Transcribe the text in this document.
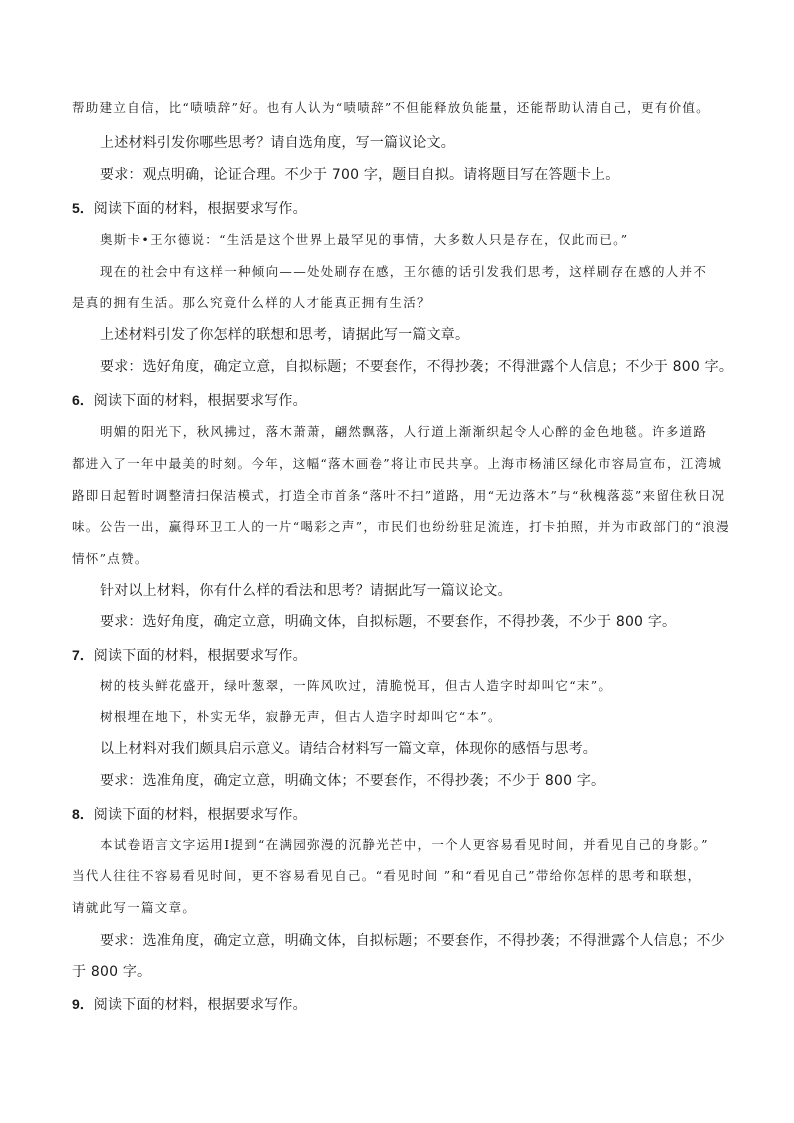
帮助建立自信，比“啧啧辞”好。也有人认为“啧啧辞”不但能释放负能量，还能帮助认清自己，更有价值。
上述材料引发你哪些思考？请自选角度，写一篇议论文。
要求：观点明确，论证合理。不少于 700 字，题目自拟。请将题目写在答题卡上。
5．阅读下面的材料，根据要求写作。
奥斯卡•王尔德说：“生活是这个世界上最罕见的事情，大多数人只是存在，仅此而已。”
现在的社会中有这样一种倾向——处处刷存在感，王尔德的话引发我们思考，这样刷存在感的人并不
是真的拥有生活。那么究竟什么样的人才能真正拥有生活？
上述材料引发了你怎样的联想和思考，请据此写一篇文章。
要求：选好角度，确定立意，自拟标题；不要套作，不得抄袭；不得泄露个人信息；不少于 800 字。
6．阅读下面的材料，根据要求写作。
明媚的阳光下，秋风拂过，落木萧萧，翩然飘落，人行道上渐渐织起令人心醉的金色地毯。许多道路
都进入了一年中最美的时刻。今年，这幅“落木画卷”将让市民共享。上海市杨浦区绿化市容局宣布，江湾城
路即日起暂时调整清扫保洁模式，打造全市首条“落叶不扫”道路，用“无边落木”与“秋槐落蕊”来留住秋日况
味。公告一出，赢得环卫工人的一片“喝彩之声”，市民们也纷纷驻足流连，打卡拍照，并为市政部门的“浪漫
情怀”点赞。
针对以上材料，你有什么样的看法和思考？请据此写一篇议论文。
要求：选好角度，确定立意，明确文体，自拟标题，不要套作，不得抄袭，不少于 800 字。
7．阅读下面的材料，根据要求写作。
树的枝头鲜花盛开，绿叶葱翠，一阵风吹过，清脆悦耳，但古人造字时却叫它“末”。
树根埋在地下，朴实无华，寂静无声，但古人造字时却叫它“本”。
以上材料对我们颇具启示意义。请结合材料写一篇文章，体现你的感悟与思考。
要求：选准角度，确定立意，明确文体；不要套作，不得抄袭；不少于 800 字。
8．阅读下面的材料，根据要求写作。
本试卷语言文字运用Ⅰ提到“在满园弥漫的沉静光芒中，一个人更容易看见时间，并看见自己的身影。”
当代人往往不容易看见时间，更不容易看见自己。“看见时间 ”和“看见自己”带给你怎样的思考和联想，
请就此写一篇文章。
要求：选准角度，确定立意，明确文体，自拟标题；不要套作，不得抄袭；不得泄露个人信息；不少
于 800 字。
9．阅读下面的材料，根据要求写作。
